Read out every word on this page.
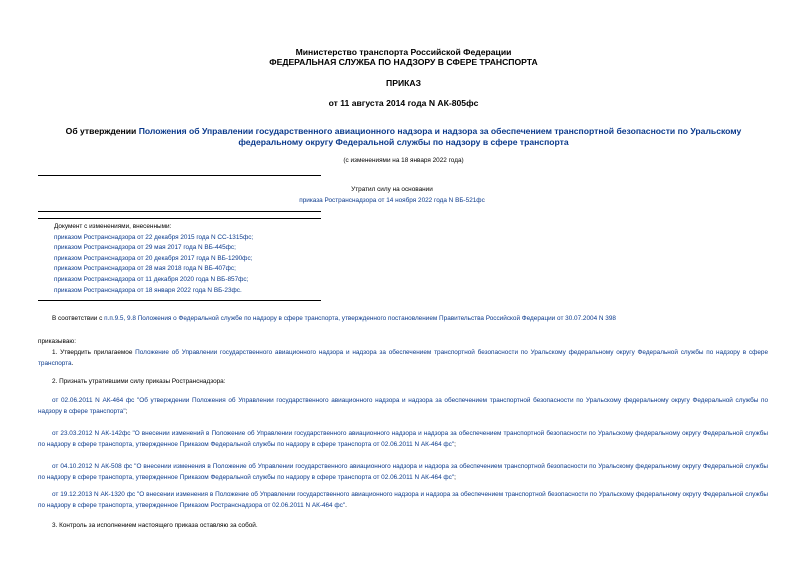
Министерство транспорта Российской Федерации
ФЕДЕРАЛЬНАЯ СЛУЖБА ПО НАДЗОРУ В СФЕРЕ ТРАНСПОРТА
ПРИКАЗ
от 11 августа 2014 года N АК-805фс
Об утверждении Положения об Управлении государственного авиационного надзора и надзора за обеспечением транспортной безопасности по Уральскому
федеральному округу Федеральной службы по надзору в сфере транспорта
(с изменениями на 18 января 2022 года)
Утратил силу на основании
приказа Ространснадзора от 14 ноября 2022 года N ВБ-521фс
Документ с изменениями, внесенными:
приказом Ространснадзора от 22 декабря 2015 года N СС-1315фс;
приказом Ространснадзора от 29 мая 2017 года N ВБ-445фс;
приказом Ространснадзора от 20 декабря 2017 года N ВБ-1290фс;
приказом Ространснадзора от 28 мая 2018 года N ВБ-407фс;
приказом Ространснадзора от 11 декабря 2020 года N ВБ-857фс;
приказом Ространснадзора от 18 января 2022 года N ВБ-23фс.
В соответствии с п.п.9.5, 9.8 Положения о Федеральной службе по надзору в сфере транспорта, утвержденного постановлением Правительства Российской Федерации от 30.07.2004 N 398
приказываю:
1. Утвердить прилагаемое Положение об Управлении государственного авиационного надзора и надзора за обеспечением транспортной безопасности по Уральскому федеральному округу Федеральной службы по надзору в сфере транспорта.
2. Признать утратившими силу приказы Ространснадзора:
от 02.06.2011 N АК-464 фс "Об утверждении Положения об Управлении государственного авиационного надзора и надзора за обеспечением транспортной безопасности по Уральскому федеральному округу Федеральной службы по надзору в сфере транспорта";
от 23.03.2012 N АК-142фс "О внесении изменений в Положение об Управлении государственного авиационного надзора и надзора за обеспечением транспортной безопасности по Уральскому федеральному округу Федеральной службы по надзору в сфере транспорта, утвержденное Приказом Федеральной службы по надзору в сфере транспорта от 02.06.2011 N АК-464 фс";
от 04.10.2012 N АК-508 фс "О внесении изменения в Положение об Управлении государственного авиационного надзора и надзора за обеспечением транспортной безопасности по Уральскому федеральному округу Федеральной службы по надзору в сфере транспорта, утвержденное Приказом Федеральной службы по надзору в сфере транспорта от 02.06.2011 N АК-464 фс";
от 19.12.2013 N АК-1320 фс "О внесении изменения в Положение об Управлении государственного авиационного надзора и надзора за обеспечением транспортной безопасности по Уральскому федеральному округу Федеральной службы по надзору в сфере транспорта, утвержденное Приказом Ространснадзора от 02.06.2011 N АК-464 фс".
3. Контроль за исполнением настоящего приказа оставляю за собой.
